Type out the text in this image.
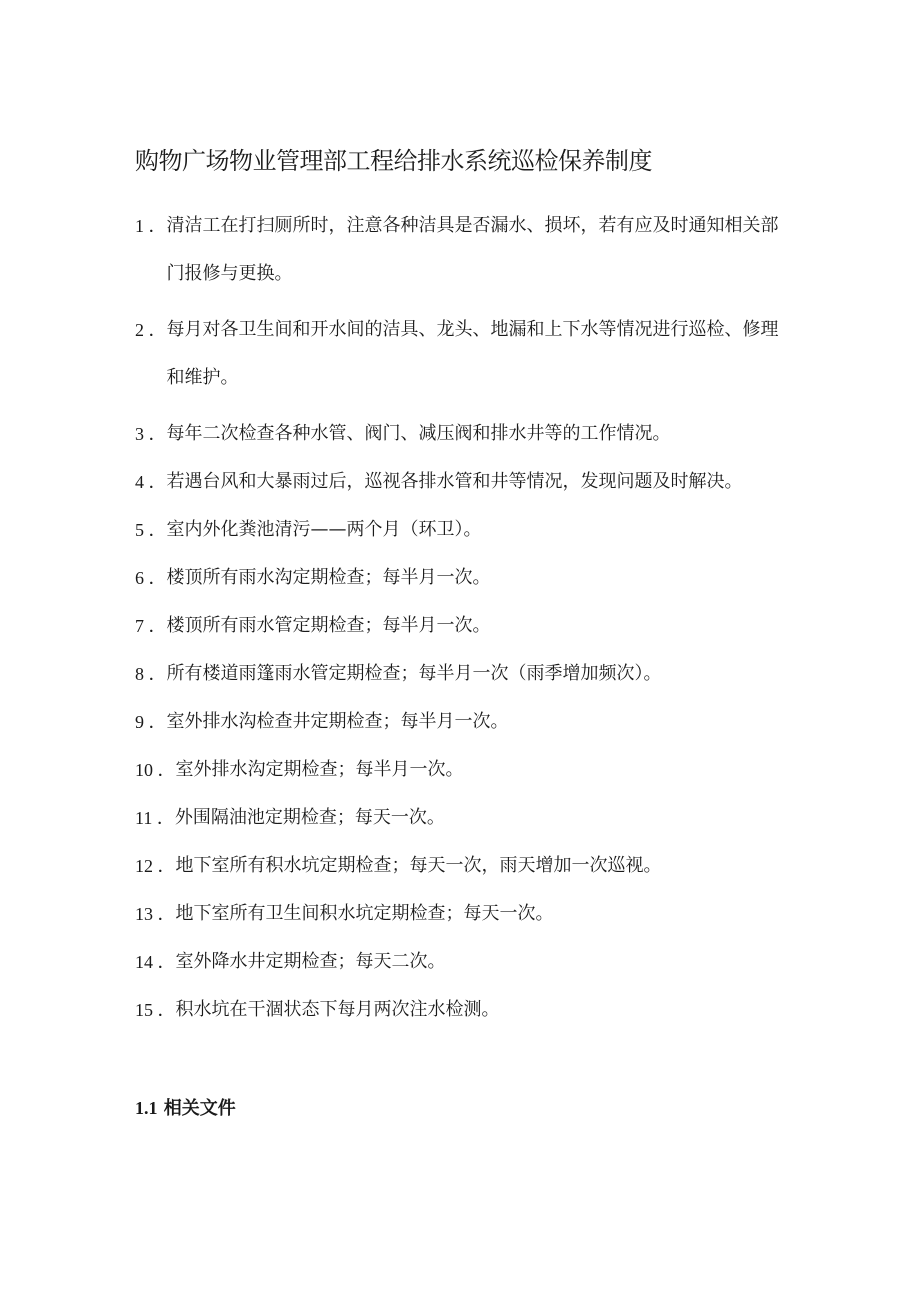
购物广场物业管理部工程给排水系统巡检保养制度
1 ． 清洁工在打扫厕所时，注意各种洁具是否漏水、损坏，若有应及时通知相关部门报修与更换。
2 ． 每月对各卫生间和开水间的洁具、龙头、地漏和上下水等情况进行巡检、修理和维护。
3 ． 每年二次检查各种水管、阀门、减压阀和排水井等的工作情况。
4 ． 若遇台风和大暴雨过后，巡视各排水管和井等情况，发现问题及时解决。
5 ． 室内外化粪池清污——两个月（环卫）。
6 ． 楼顶所有雨水沟定期检查；每半月一次。
7 ． 楼顶所有雨水管定期检查；每半月一次。
8 ． 所有楼道雨篷雨水管定期检查；每半月一次（雨季增加频次）。
9 ． 室外排水沟检查井定期检查；每半月一次。
10 ． 室外排水沟定期检查；每半月一次。
11 ． 外围隔油池定期检查；每天一次。
12 ． 地下室所有积水坑定期检查；每天一次，雨天增加一次巡视。
13 ． 地下室所有卫生间积水坑定期检查；每天一次。
14 ． 室外降水井定期检查；每天二次。
15 ． 积水坑在干涸状态下每月两次注水检测。
1.1 相关文件
